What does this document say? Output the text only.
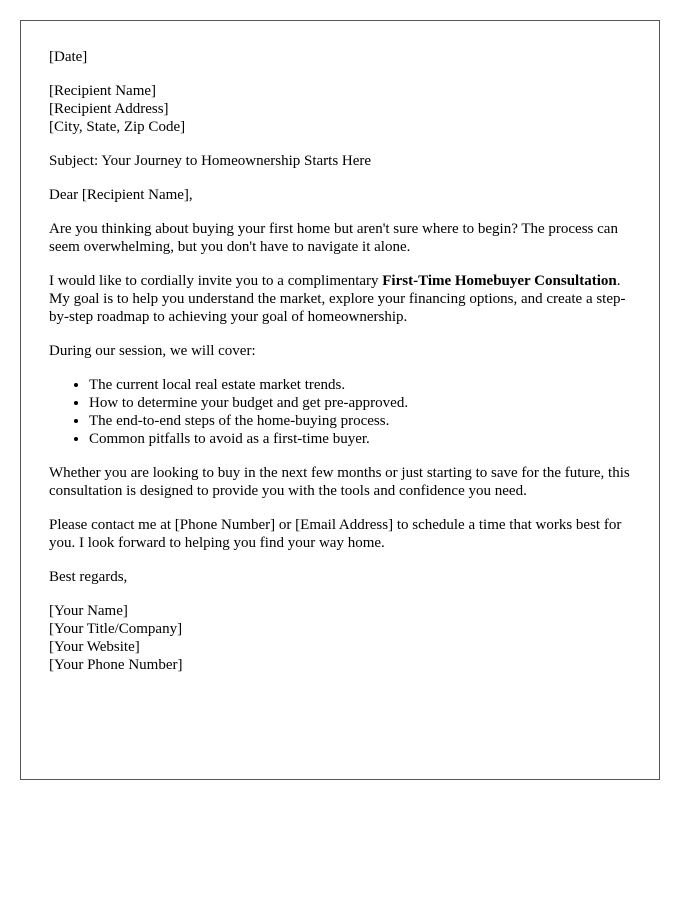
[Date]

[Recipient Name]
[Recipient Address]
[City, State, Zip Code]

Subject: Your Journey to Homeownership Starts Here

Dear [Recipient Name],

Are you thinking about buying your first home but aren't sure where to begin? The process can seem overwhelming, but you don't have to navigate it alone.

I would like to cordially invite you to a complimentary First-Time Homebuyer Consultation. My goal is to help you understand the market, explore your financing options, and create a step-by-step roadmap to achieving your goal of homeownership.

During our session, we will cover:

• The current local real estate market trends.
• How to determine your budget and get pre-approved.
• The end-to-end steps of the home-buying process.
• Common pitfalls to avoid as a first-time buyer.

Whether you are looking to buy in the next few months or just starting to save for the future, this consultation is designed to provide you with the tools and confidence you need.

Please contact me at [Phone Number] or [Email Address] to schedule a time that works best for you. I look forward to helping you find your way home.

Best regards,

[Your Name]
[Your Title/Company]
[Your Website]
[Your Phone Number]
